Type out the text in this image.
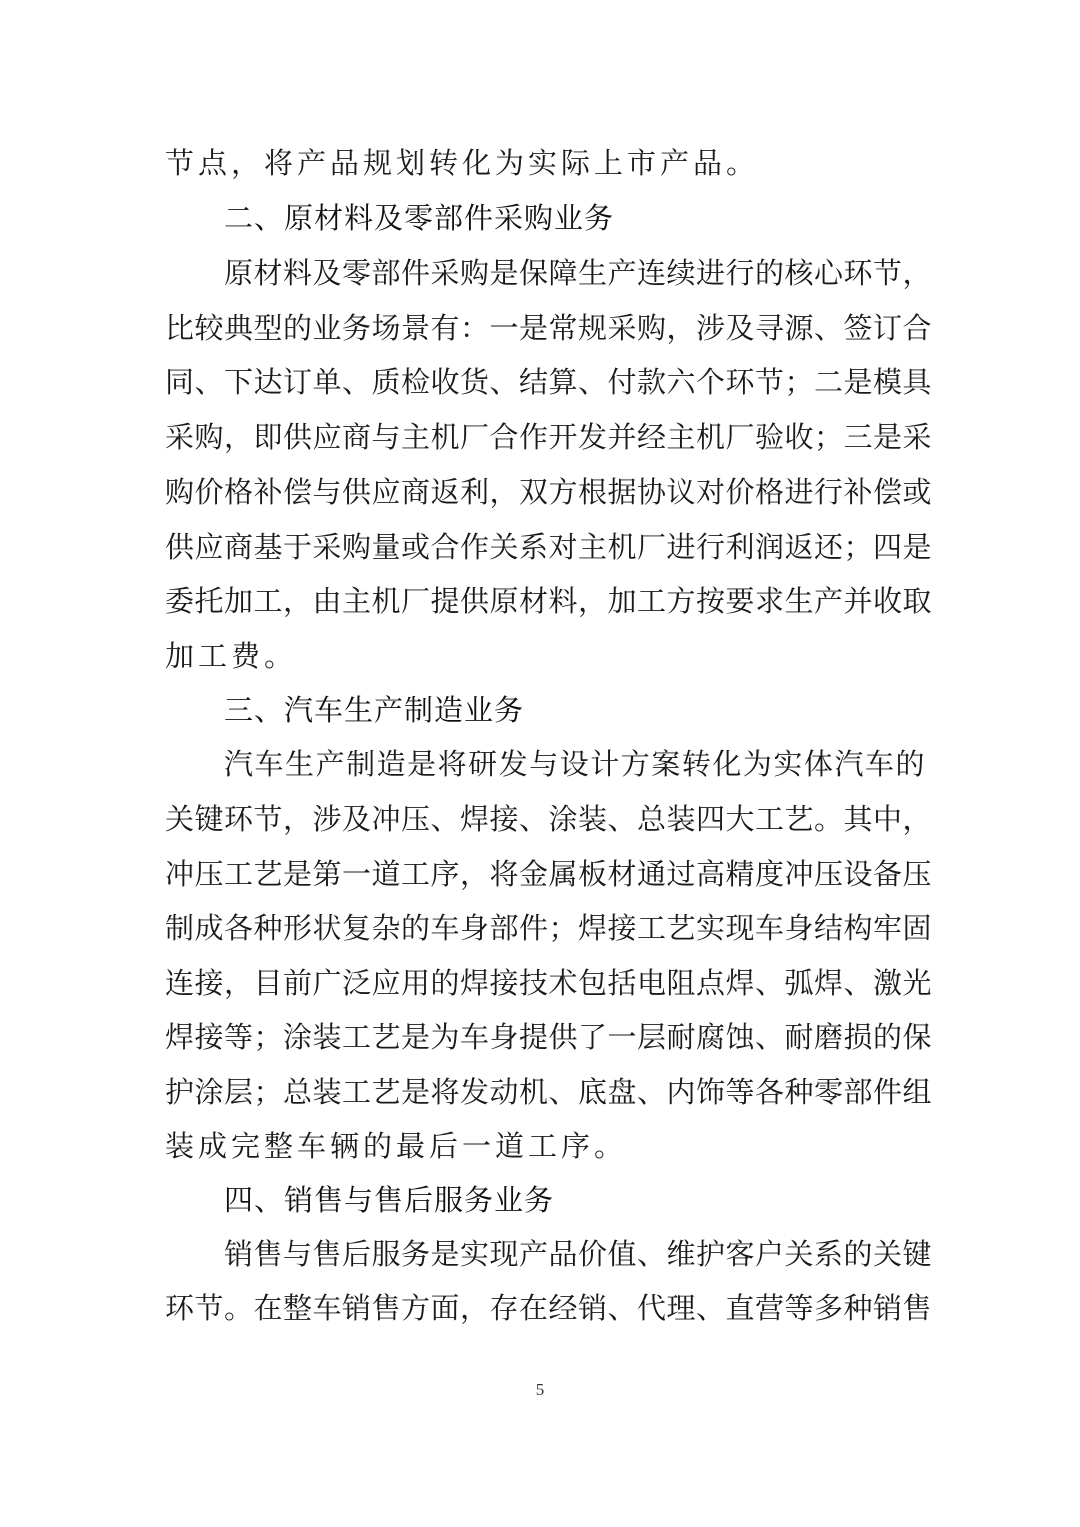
节点，将产品规划转化为实际上市产品。
二、原材料及零部件采购业务
原材料及零部件采购是保障生产连续进行的核心环节，
比较典型的业务场景有：一是常规采购，涉及寻源、签订合
同、下达订单、质检收货、结算、付款六个环节；二是模具
采购，即供应商与主机厂合作开发并经主机厂验收；三是采
购价格补偿与供应商返利，双方根据协议对价格进行补偿或
供应商基于采购量或合作关系对主机厂进行利润返还；四是
委托加工，由主机厂提供原材料，加工方按要求生产并收取
加工费。
三、汽车生产制造业务
汽车生产制造是将研发与设计方案转化为实体汽车的
关键环节，涉及冲压、焊接、涂装、总装四大工艺。其中，
冲压工艺是第一道工序，将金属板材通过高精度冲压设备压
制成各种形状复杂的车身部件；焊接工艺实现车身结构牢固
连接，目前广泛应用的焊接技术包括电阻点焊、弧焊、激光
焊接等；涂装工艺是为车身提供了一层耐腐蚀、耐磨损的保
护涂层；总装工艺是将发动机、底盘、内饰等各种零部件组
装成完整车辆的最后一道工序。
四、销售与售后服务业务
销售与售后服务是实现产品价值、维护客户关系的关键
环节。在整车销售方面，存在经销、代理、直营等多种销售
5
